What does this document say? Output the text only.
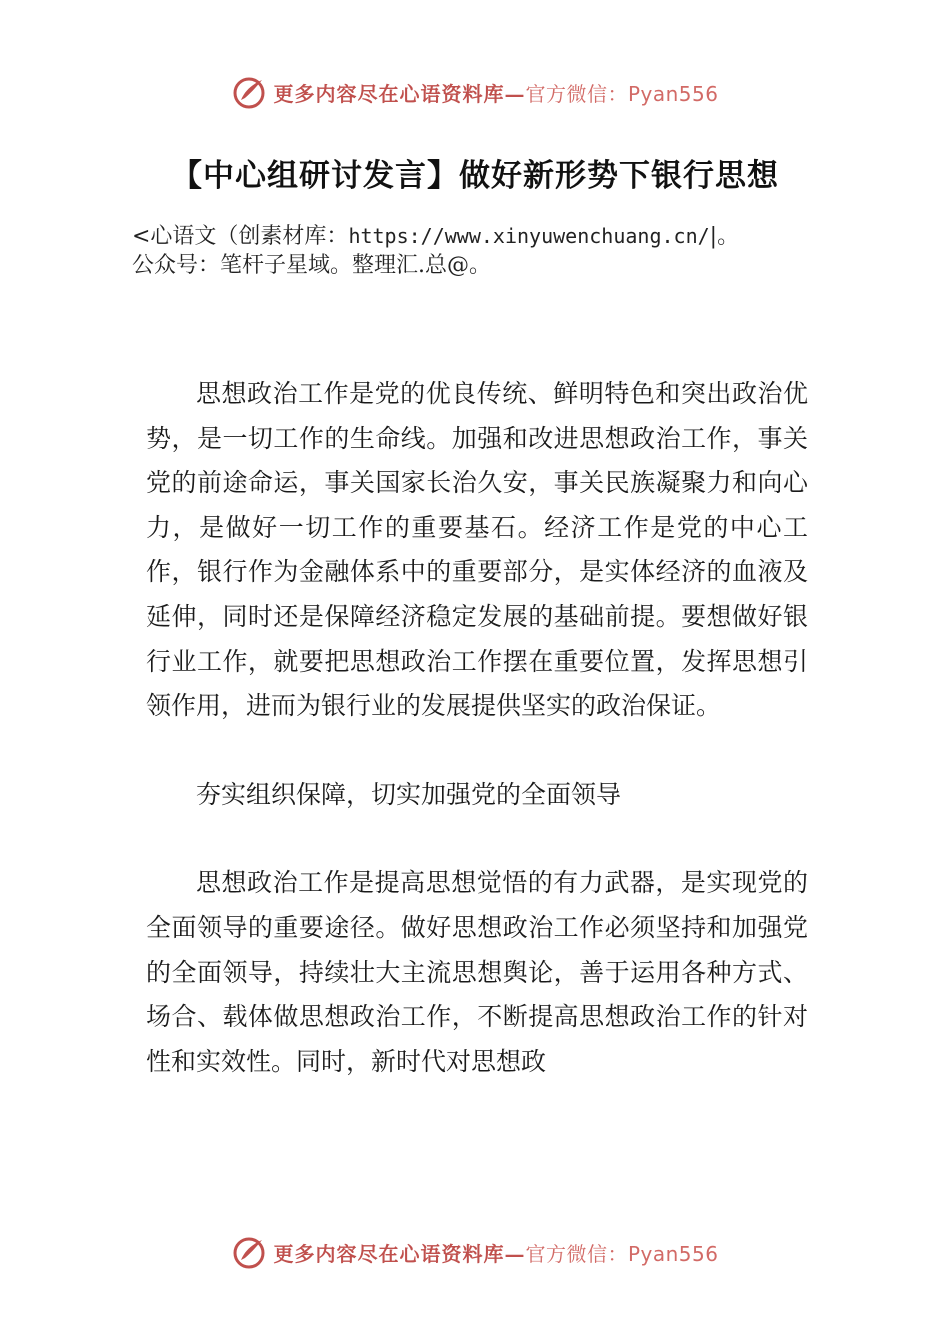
更多内容尽在心语资料库— 官方微信：Pyan556
【中心组研讨发言】做好新形势下银行思想
<心语文（创素材库：https://www.xinyuwenchuang.cn/|。
公众号：笔杆子星域。整理汇.总@。

思想政治工作是党的优良传统、鲜明特色和突出政治优势，是一切工作的生命线。加强和改进思想政治工作，事关党的前途命运，事关国家长治久安，事关民族凝聚力和向心力，是做好一切工作的重要基石。经济工作是党的中心工作，银行作为金融体系中的重要部分，是实体经济的血液及延伸，同时还是保障经济稳定发展的基础前提。要想做好银行业工作，就要把思想政治工作摆在重要位置，发挥思想引领作用，进而为银行业的发展提供坚实的政治保证。

夯实组织保障，切实加强党的全面领导

思想政治工作是提高思想觉悟的有力武器，是实现党的全面领导的重要途径。做好思想政治工作必须坚持和加强党的全面领导，持续壮大主流思想舆论，善于运用各种方式、场合、载体做思想政治工作，不断提高思想政治工作的针对性和实效性。同时，新时代对思想政

更多内容尽在心语资料库— 官方微信：Pyan556
